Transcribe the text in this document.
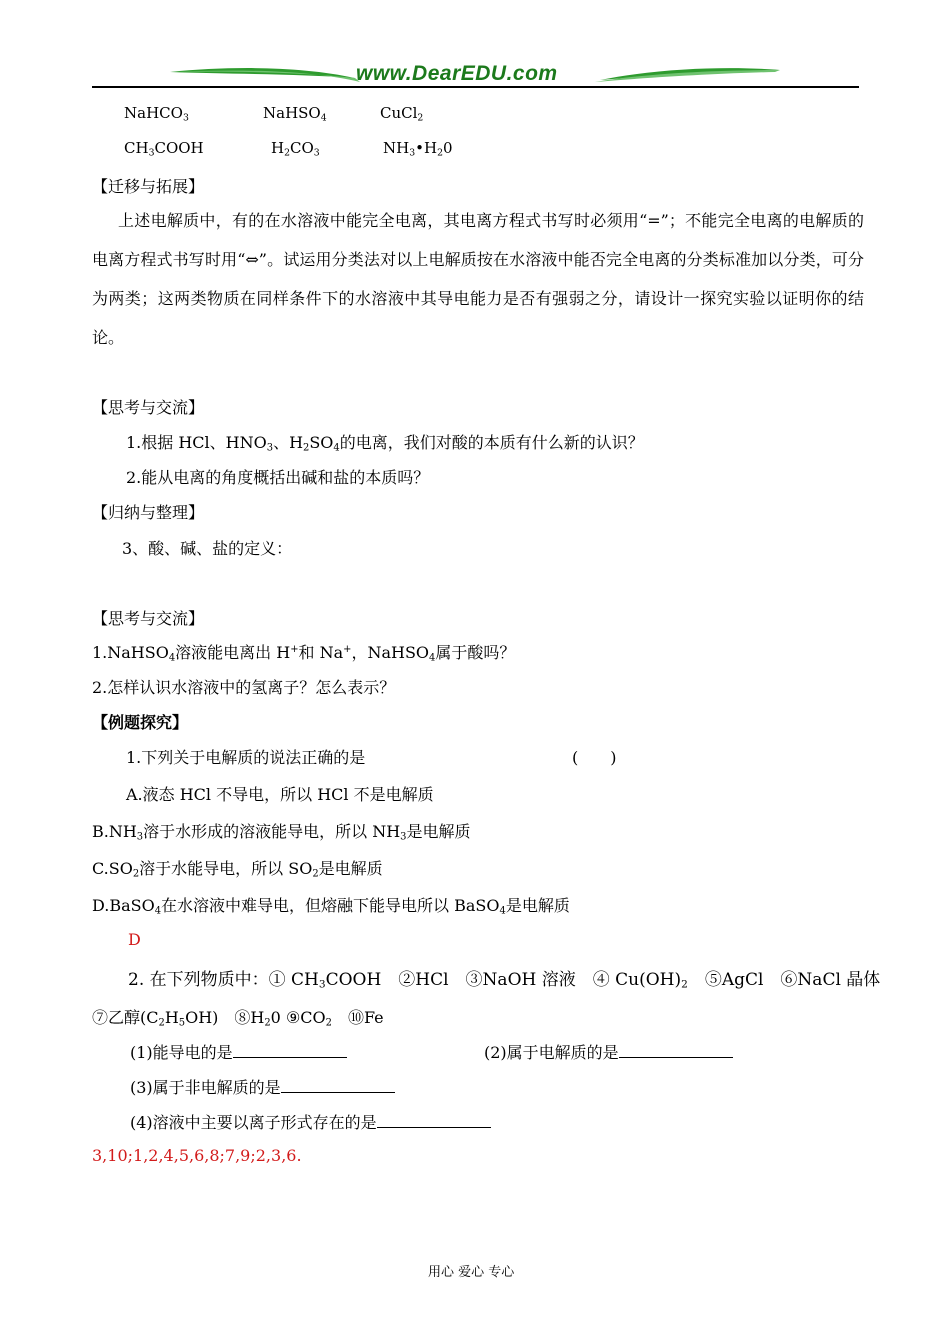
www.DearEDU.com
NaHCO$_3$	NaHSO$_4$	CuCl$_2$
$CH_3COOH$	$H_2CO_3$	$NH_3•H_20$
【迁移与拓展】
上述电解质中，有的在水溶液中能完全电离，其电离方程式书写时必须用“=”；不能完全电离的电解质的电离方程式书写时用“⇔”。试运用分类法对以上电解质按在水溶液中能否完全电离的分类标准加以分类，可分为两类；这两类物质在同样条件下的水溶液中其导电能力是否有强弱之分，请设计一探究实验以证明你的结论。
【思考与交流】
1.根据 HCl、$HNO_3$、$H_2SO_4$的电离，我们对酸的本质有什么新的认识？
2.能从电离的角度概括出碱和盐的本质吗？
【归纳与整理】
3、酸、碱、盐的定义：
【思考与交流】
1.NaHSO$_4$溶液能电离出 H+和 Na+，NaHSO$_4$属于酸吗？
2.怎样认识水溶液中的氢离子？怎么表示？
【例题探究】
1.下列关于电解质的说法正确的是	(　　)
A.液态 HCl 不导电，所以 HCl 不是电解质
$B.NH_3$溶于水形成的溶液能导电，所以 $NH_3$是电解质
$C.SO_2$溶于水能导电，所以 $SO_2$是电解质
D.BaSO$_4$在水溶液中难导电，但熔融下能导电所以 BaSO$_4$是电解质
D
2. 在下列物质中：① $CH_3COOH$　②HCl　③NaOH 溶液　④ $Cu(OH)_2$　⑤AgCl　⑥NaCl 晶体
⑦乙醇$(C_2H_5OH)$　$⑧H_20$ $⑨CO_2$　⑩Fe
(1)能导电的是	(2)属于电解质的是
(3)属于非电解质的是
(4)溶液中主要以离子形式存在的是
3,10;1,2,4,5,6,8;7,9;2,3,6.
用心 爱心 专心
